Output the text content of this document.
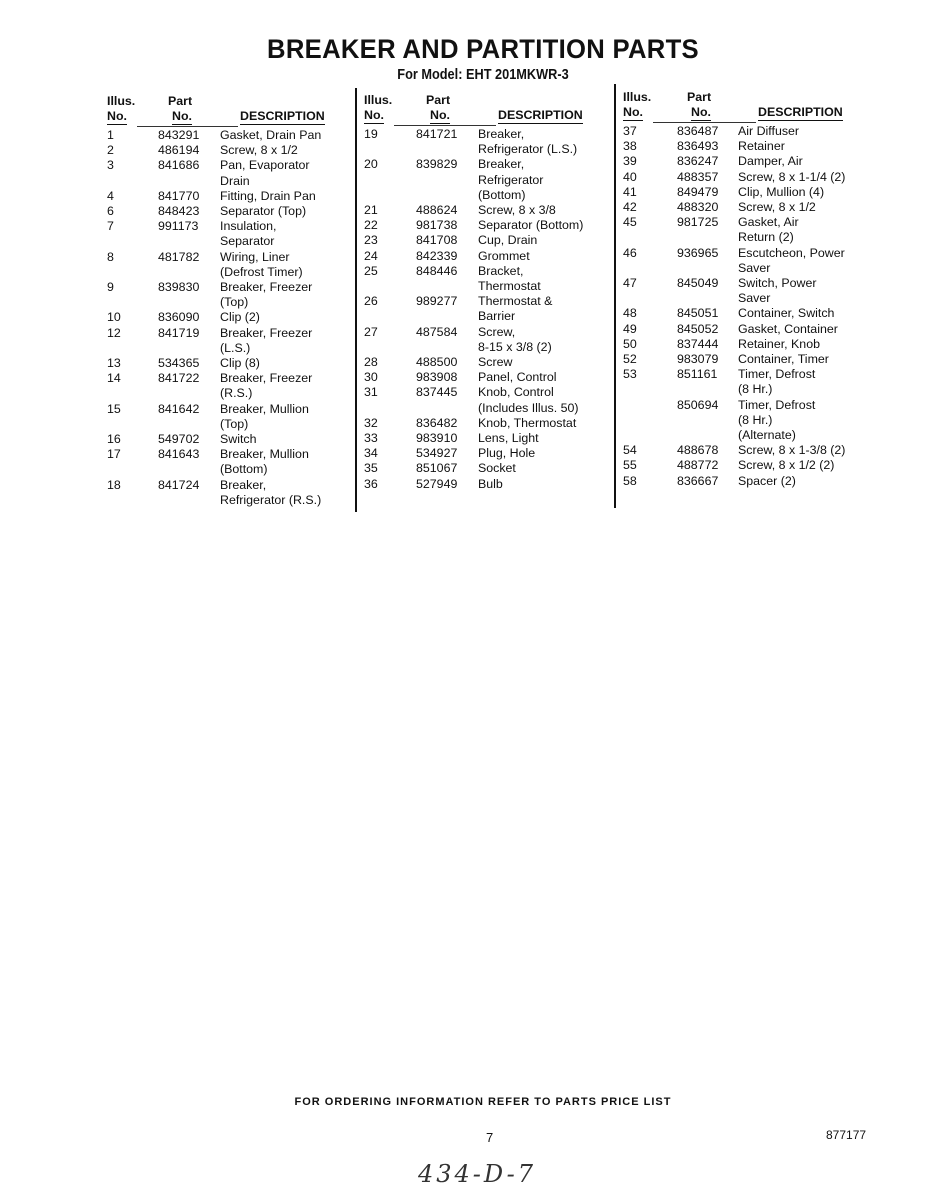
BREAKER AND PARTITION PARTS
For Model: EHT 201MKWR-3
Illus.
No.
Part
No.	DESCRIPTION
1	843291 Gasket, Drain Pan
2	486194 Screw, 8 x 1/2
3	841686 Pan, Evaporator
Drain
4	841770 Fitting, Drain Pan
6	848423 Separator (Top)
7	991173 Insulation,
Separator
8	481782 Wiring, Liner
(Defrost Timer)
9	839830 Breaker, Freezer
(Top)
10	836090 Clip (2)
12	841719 Breaker, Freezer
(L.S.)
13	534365 Clip (8)
14	841722 Breaker, Freezer
(R.S.)
15	841642 Breaker, Mullion
(Top)
16	549702 Switch
17	841643 Breaker, Mullion
(Bottom)
18	841724 Breaker,
Refrigerator (R.S.)
Illus.
No.
Part
No.	DESCRIPTION
19	841721 Breaker,
Refrigerator (L.S.)
20	839829 Breaker,
Refrigerator
(Bottom)
21	488624 Screw, 8 x 3/8
22	981738 Separator (Bottom)
23	841708 Cup, Drain
24	842339 Grommet
25	848446 Bracket,
Thermostat
26	989277 Thermostat &
Barrier
27	487584 Screw,
8-15 x 3/8 (2)
28	488500 Screw
30	983908 Panel, Control
31	837445 Knob, Control
(Includes Illus. 50)
32	836482 Knob, Thermostat
33	983910 Lens, Light
34	534927 Plug, Hole
35	851067 Socket
36	527949 Bulb
Illus.
No.
Part
No.	DESCRIPTION
37	836487 Air Diffuser
38	836493 Retainer
39	836247 Damper, Air
40	488357 Screw, 8 x 1-1/4 (2)
41	849479 Clip, Mullion (4)
42	488320 Screw, 8 x 1/2
45	981725 Gasket, Air
Return (2)
46	936965 Escutcheon, Power
Saver
47	845049 Switch, Power
Saver
48	845051 Container, Switch
49	845052 Gasket, Container
50	837444 Retainer, Knob
52	983079 Container, Timer
53	851161 Timer, Defrost
(8 Hr.)
850694 Timer, Defrost
(8 Hr.)
(Alternate)
54	488678 Screw, 8 x 1-3/8 (2)
55	488772 Screw, 8 x 1/2 (2)
58	836667 Spacer (2)
FOR ORDERING INFORMATION REFER TO PARTS PRICE LIST
7	877177
434-D-7
